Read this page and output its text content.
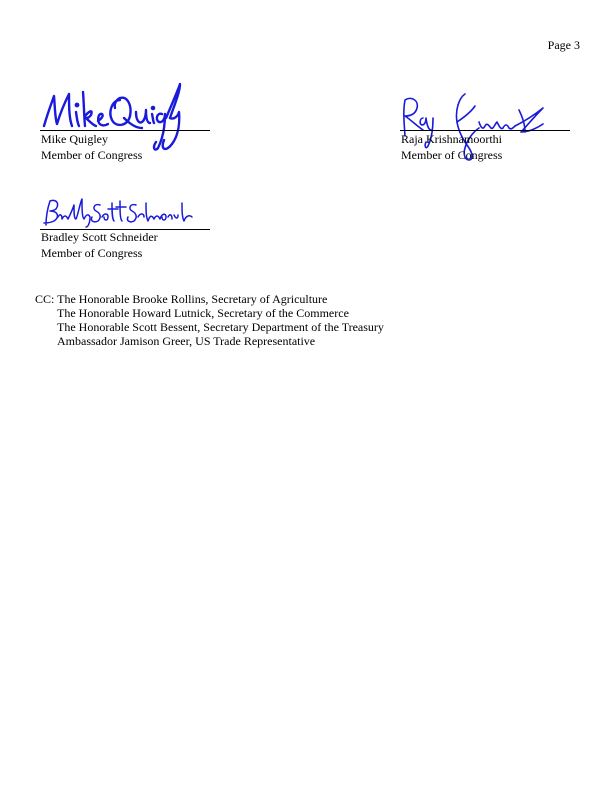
Page 3
Mike Quigley
Member of Congress
Raja Krishnamoorthi
Member of Congress
Bradley Scott Schneider
Member of Congress
CC: The Honorable Brooke Rollins, Secretary of Agriculture
The Honorable Howard Lutnick, Secretary of the Commerce
The Honorable Scott Bessent, Secretary Department of the Treasury
Ambassador Jamison Greer, US Trade Representative
